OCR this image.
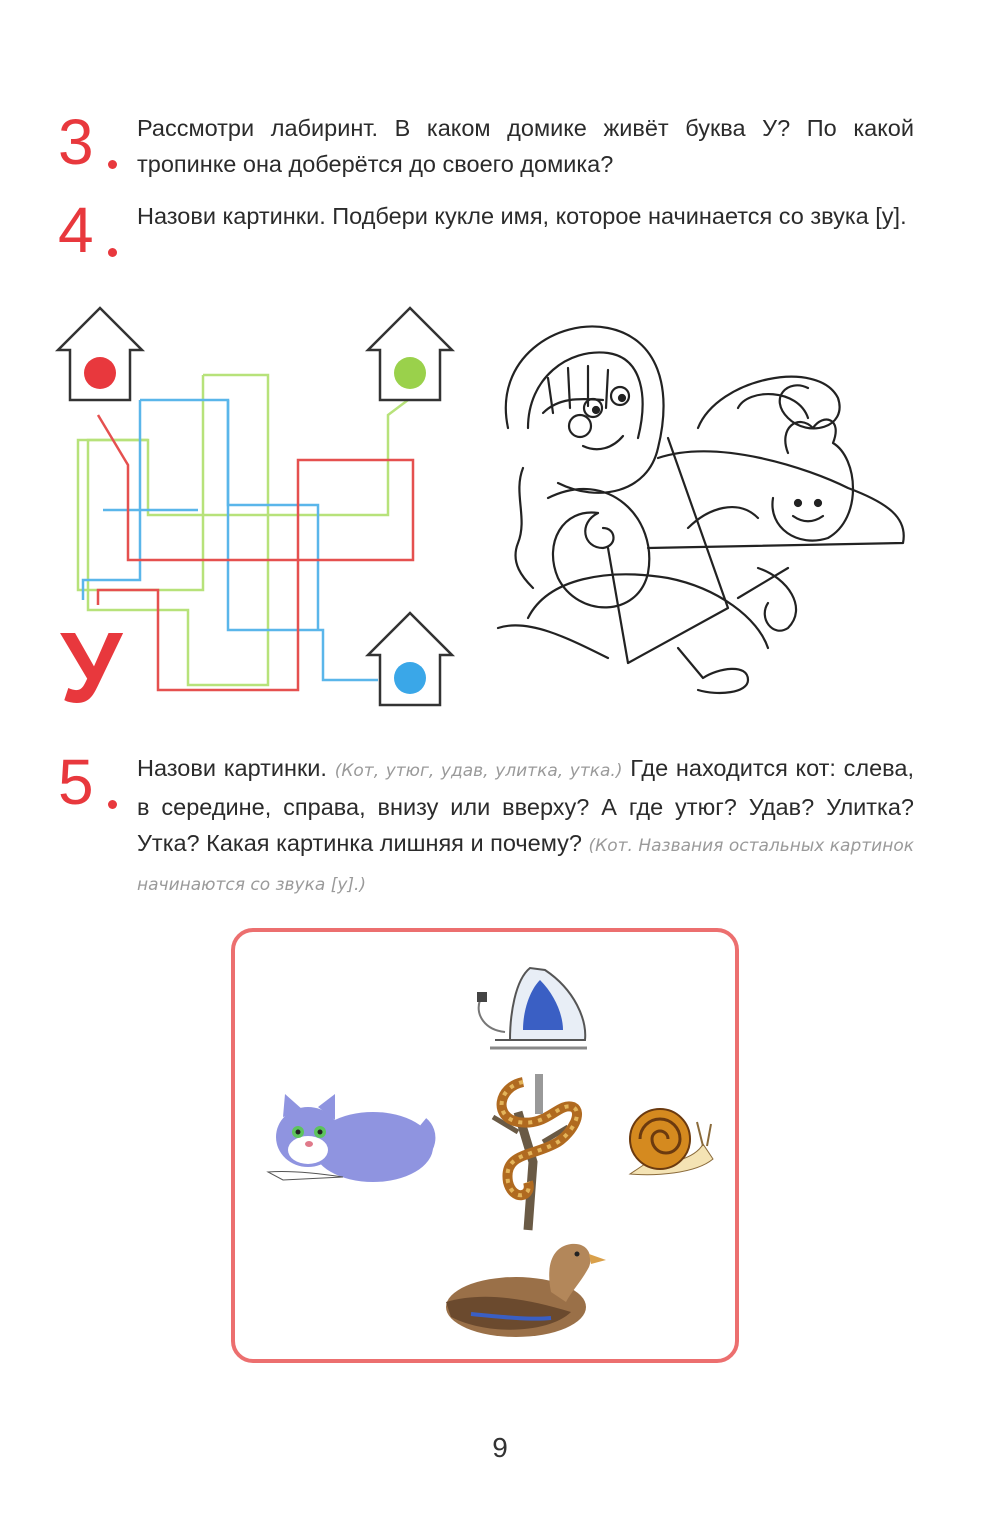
3 Рассмотри лабиринт. В каком домике живёт буква У? По какой тропинке она доберётся до своего домика?
4 Назови картинки. Подбери кукле имя, которое начинается со звука [у].
У
5 Назови картинки. (Кот, утюг, удав, улитка, утка.) Где находится кот: слева, в середине, справа, внизу или вверху? А где утюг? Удав? Улитка? Утка? Какая картинка лишняя и почему? (Кот. Названия остальных картинок начинаются со звука [у].)
9
